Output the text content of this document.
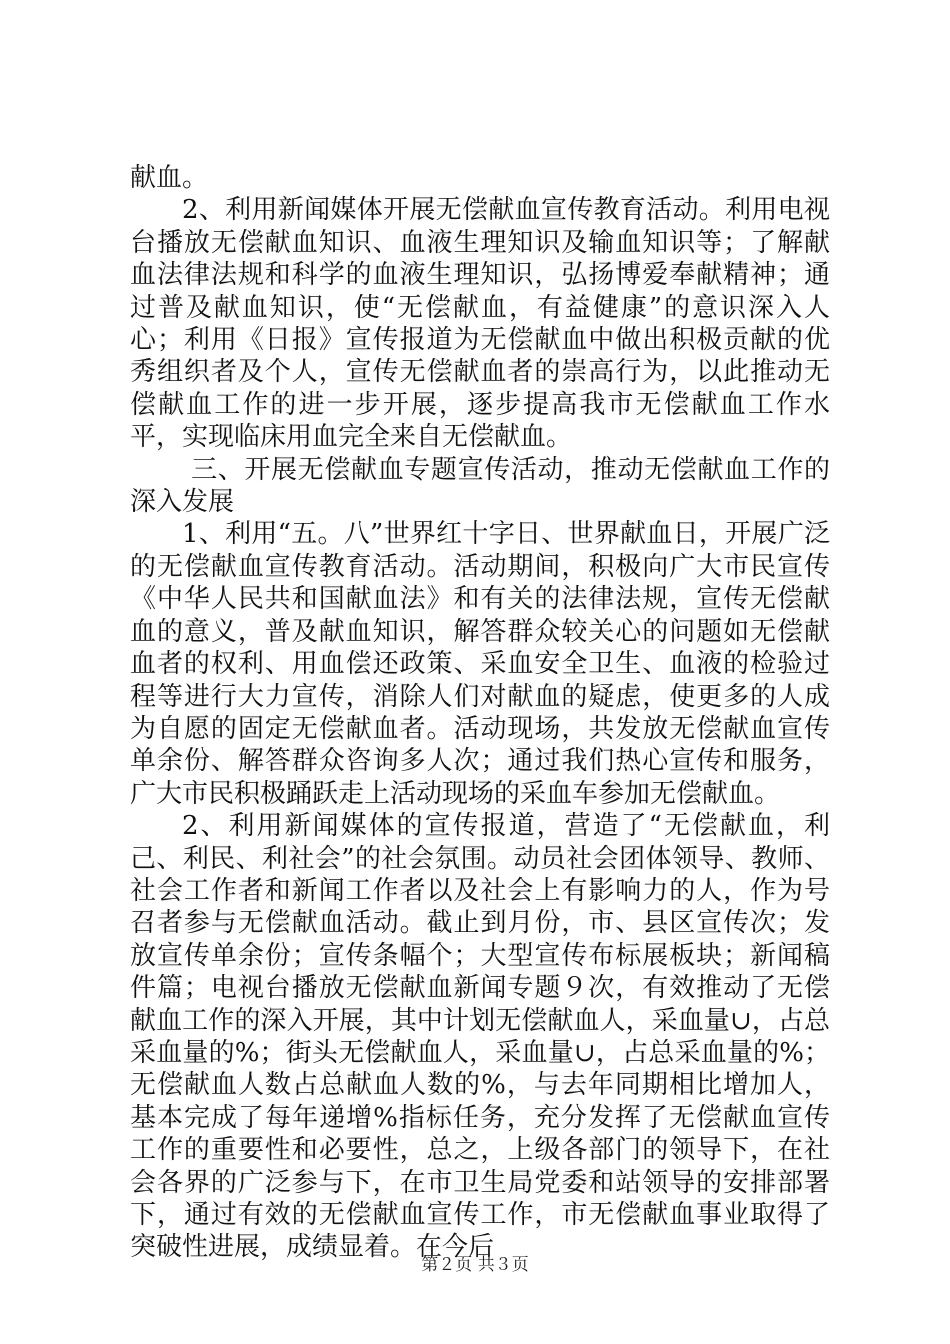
献血。

2、利用新闻媒体开展无偿献血宣传教育活动。利用电视台播放无偿献血知识、血液生理知识及输血知识等；了解献血法律法规和科学的血液生理知识，弘扬博爱奉献精神；通过普及献血知识，使“无偿献血，有益健康”的意识深入人心；利用《日报》宣传报道为无偿献血中做出积极贡献的优秀组织者及个人，宣传无偿献血者的崇高行为，以此推动无偿献血工作的进一步开展，逐步提高我市无偿献血工作水平，实现临床用血完全来自无偿献血。

三、开展无偿献血专题宣传活动，推动无偿献血工作的深入发展

1、利用“五。八”世界红十字日、世界献血日，开展广泛的无偿献血宣传教育活动。活动期间，积极向广大市民宣传《中华人民共和国献血法》和有关的法律法规，宣传无偿献血的意义，普及献血知识，解答群众较关心的问题如无偿献血者的权利、用血偿还政策、采血安全卫生、血液的检验过程等进行大力宣传，消除人们对献血的疑虑，使更多的人成为自愿的固定无偿献血者。活动现场，共发放无偿献血宣传单余份、解答群众咨询多人次；通过我们热心宣传和服务，广大市民积极踊跃走上活动现场的采血车参加无偿献血。

2、利用新闻媒体的宣传报道，营造了“无偿献血，利己、利民、利社会”的社会氛围。动员社会团体领导、教师、社会工作者和新闻工作者以及社会上有影响力的人，作为号召者参与无偿献血活动。截止到月份，市、县区宣传次；发放宣传单余份；宣传条幅个；大型宣传布标展板块；新闻稿件篇；电视台播放无偿献血新闻专题９次，有效推动了无偿献血工作的深入开展，其中计划无偿献血人，采血量∪，占总采血量的%；街头无偿献血人，采血量∪，占总采血量的%；无偿献血人数占总献血人数的%，与去年同期相比增加人，基本完成了每年递增%指标任务，充分发挥了无偿献血宣传工作的重要性和必要性，总之，上级各部门的领导下，在社会各界的广泛参与下，在市卫生局党委和站领导的安排部署下，通过有效的无偿献血宣传工作，市无偿献血事业取得了突破性进展，成绩显着。在今后

第２页 共３页
